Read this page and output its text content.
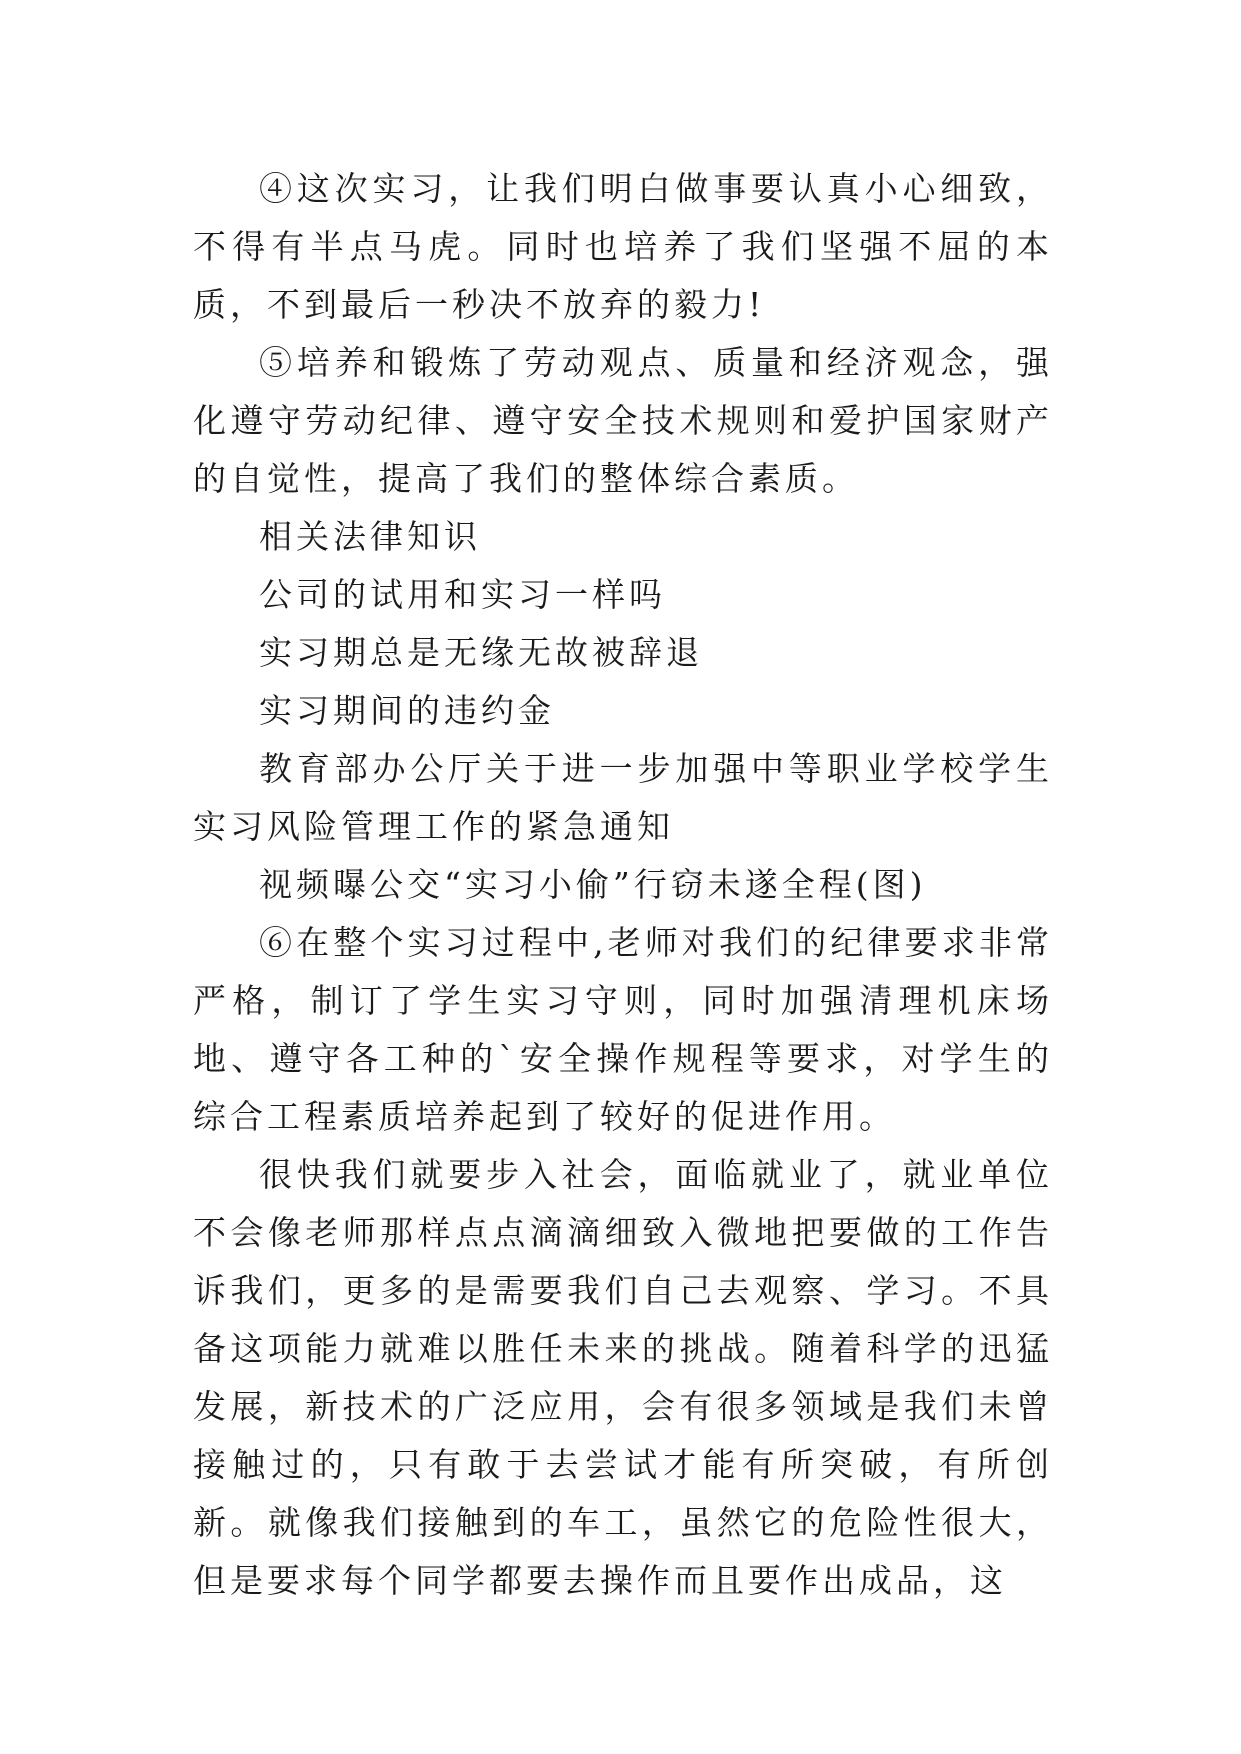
④这次实习，让我们明白做事要认真小心细致，不得有半点马虎。同时也培养了我们坚强不屈的本质，不到最后一秒决不放弃的毅力!

⑤培养和锻炼了劳动观点、质量和经济观念，强化遵守劳动纪律、遵守安全技术规则和爱护国家财产的自觉性，提高了我们的整体综合素质。

相关法律知识

公司的试用和实习一样吗

实习期总是无缘无故被辞退

实习期间的违约金

教育部办公厅关于进一步加强中等职业学校学生实习风险管理工作的紧急通知

视频曝公交“实习小偷”行窃未遂全程(图)

⑥在整个实习过程中,老师对我们的纪律要求非常严格，制订了学生实习守则，同时加强清理机床场地、遵守各工种的`安全操作规程等要求，对学生的综合工程素质培养起到了较好的促进作用。

很快我们就要步入社会，面临就业了，就业单位不会像老师那样点点滴滴细致入微地把要做的工作告诉我们，更多的是需要我们自己去观察、学习。不具备这项能力就难以胜任未来的挑战。随着科学的迅猛发展，新技术的广泛应用，会有很多领域是我们未曾接触过的，只有敢于去尝试才能有所突破，有所创新。就像我们接触到的车工，虽然它的危险性很大，但是要求每个同学都要去操作而且要作出成品，这
